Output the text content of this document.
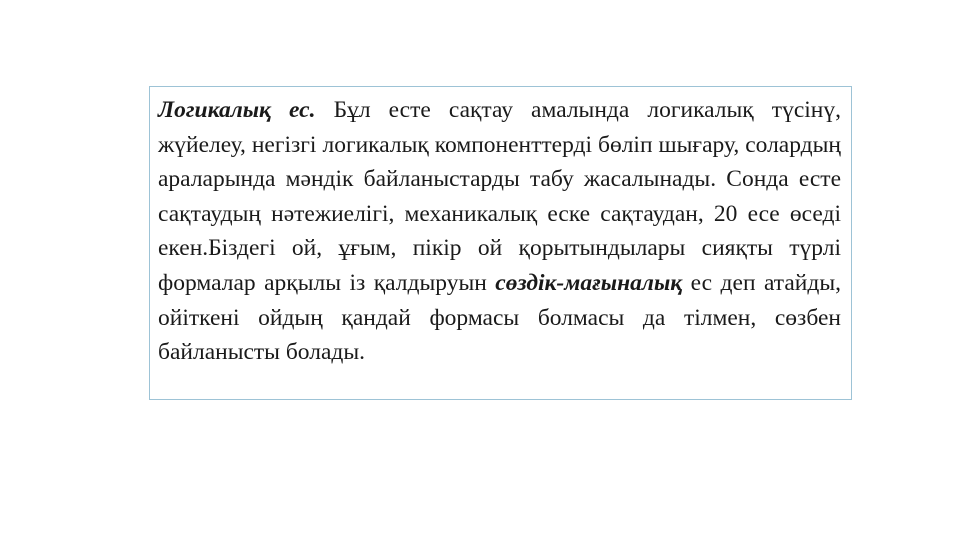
Логикалық ес. Бұл есте сақтау амалында логикалық түсінү, жүйелеу, негізгі логикалық компоненттерді бөліп шығару, солардың араларында мәндік байланыстарды табу жасалынады. Сонда есте сақтаудың нәтежиелігі, механикалық еске сақтаудан, 20 есе өседі екен.Біздегі ой, ұғым, пікір ой қорытындылары сияқты түрлі формалар арқылы із қалдыруын сөздік-мағыналық ес деп атайды, ойіткені ойдың қандай формасы болмасы да тілмен, сөзбен байланысты болады.
